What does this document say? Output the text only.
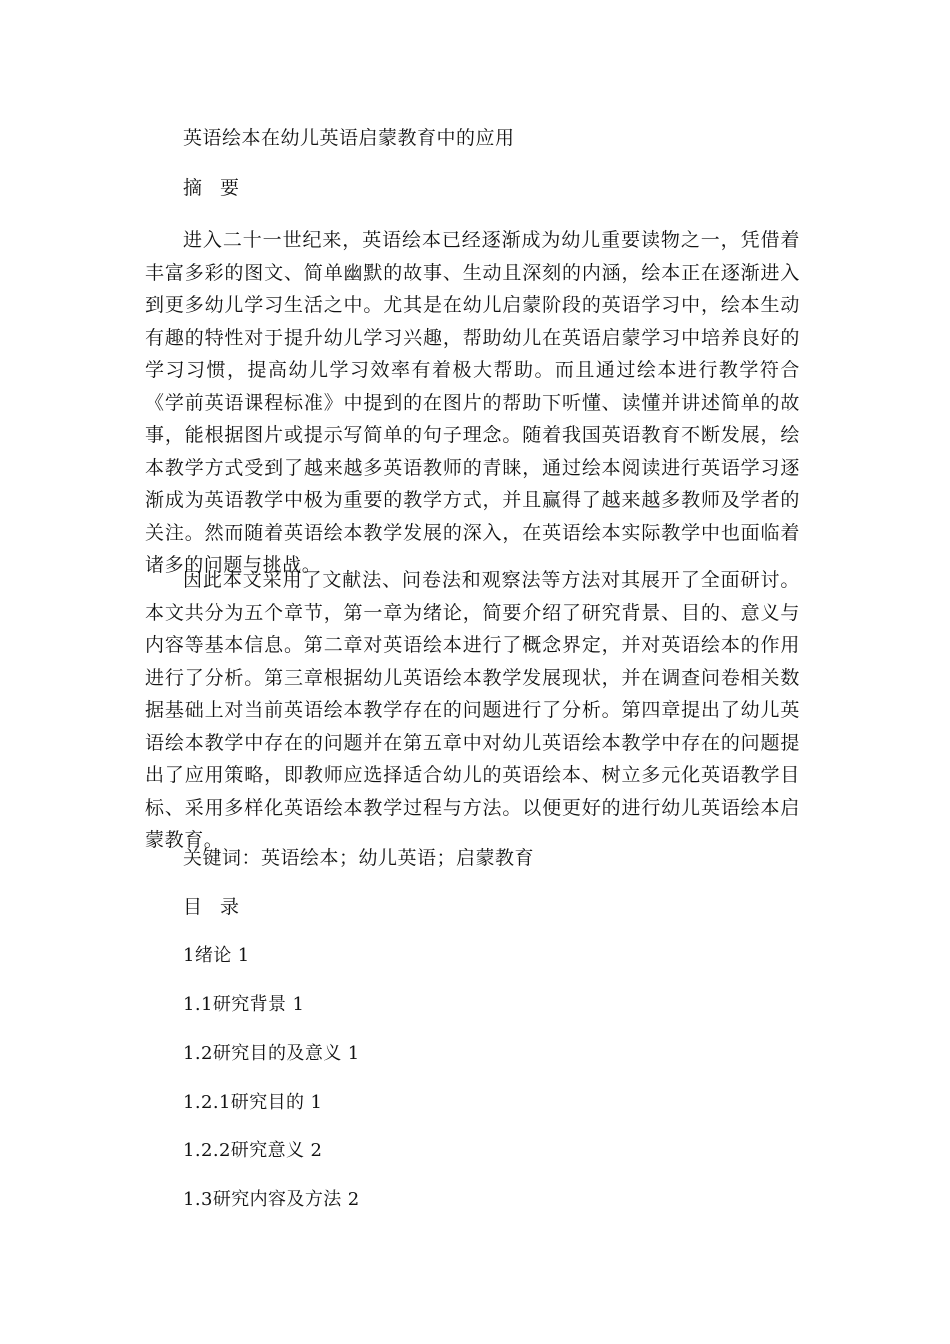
英语绘本在幼儿英语启蒙教育中的应用
摘 要

进入二十一世纪来，英语绘本已经逐渐成为幼儿重要读物之一，凭借着丰富多彩的图文、简单幽默的故事、生动且深刻的内涵，绘本正在逐渐进入到更多幼儿学习生活之中。尤其是在幼儿启蒙阶段的英语学习中，绘本生动有趣的特性对于提升幼儿学习兴趣，帮助幼儿在英语启蒙学习中培养良好的学习习惯，提高幼儿学习效率有着极大帮助。而且通过绘本进行教学符合《学前英语课程标准》中提到的在图片的帮助下听懂、读懂并讲述简单的故事，能根据图片或提示写简单的句子理念。随着我国英语教育不断发展，绘本教学方式受到了越来越多英语教师的青睐，通过绘本阅读进行英语学习逐渐成为英语教学中极为重要的教学方式，并且赢得了越来越多教师及学者的关注。然而随着英语绘本教学发展的深入，在英语绘本实际教学中也面临着诸多的问题与挑战。

因此本文采用了文献法、问卷法和观察法等方法对其展开了全面研讨。本文共分为五个章节，第一章为绪论，简要介绍了研究背景、目的、意义与内容等基本信息。第二章对英语绘本进行了概念界定，并对英语绘本的作用进行了分析。第三章根据幼儿英语绘本教学发展现状，并在调查问卷相关数据基础上对当前英语绘本教学存在的问题进行了分析。第四章提出了幼儿英语绘本教学中存在的问题并在第五章中对幼儿英语绘本教学中存在的问题提出了应用策略，即教师应选择适合幼儿的英语绘本、树立多元化英语教学目标、采用多样化英语绘本教学过程与方法。以便更好的进行幼儿英语绘本启蒙教育。

关键词：英语绘本；幼儿英语；启蒙教育
目 录
1绪论 1
1.1研究背景 1
1.2研究目的及意义 1
1.2.1研究目的 1
1.2.2研究意义 2
1.3研究内容及方法 2
